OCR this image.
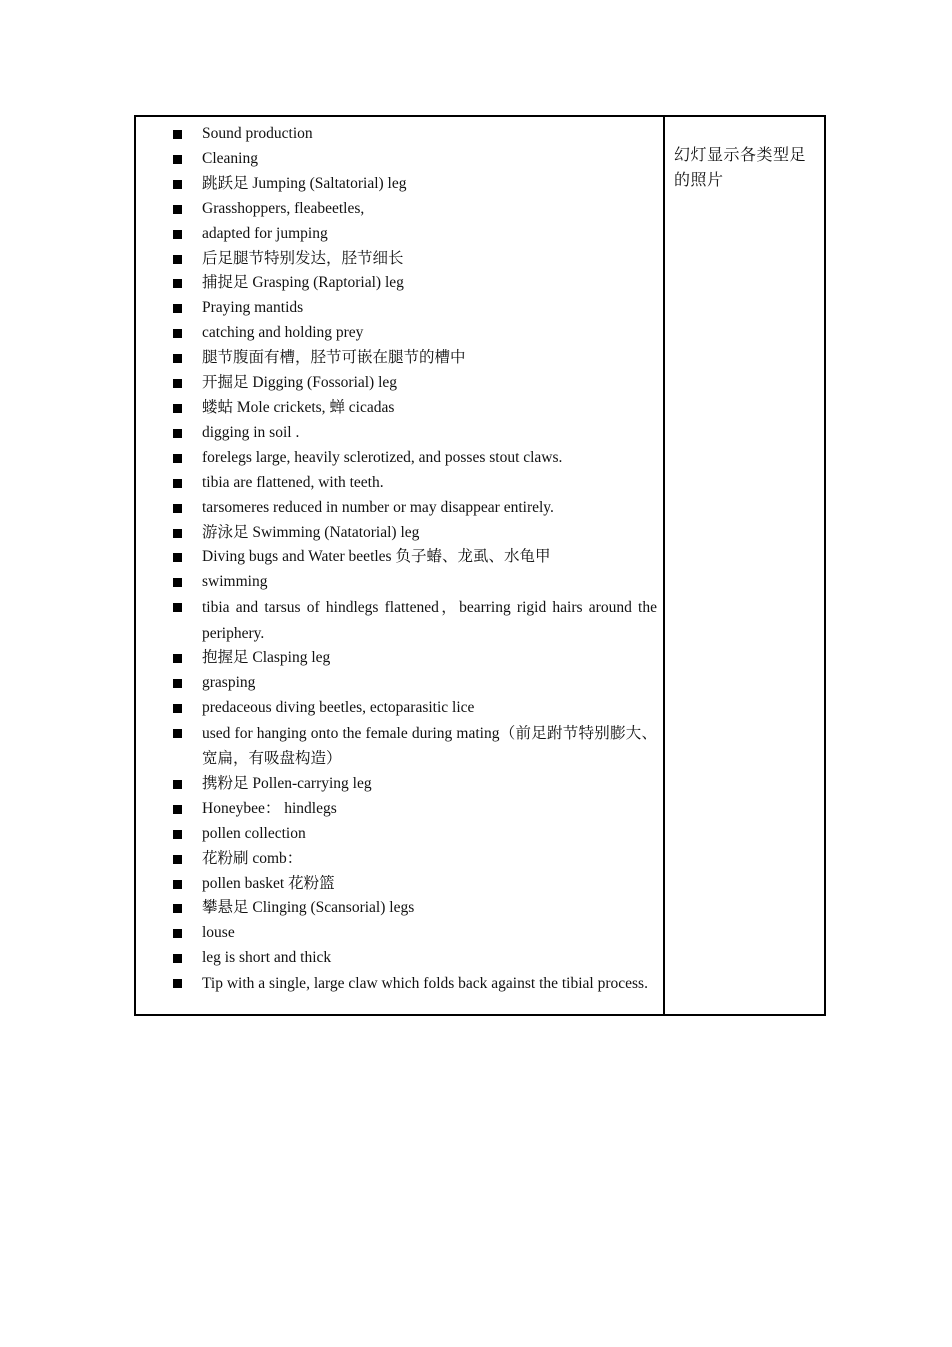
Sound production
Cleaning
跳跃足 Jumping (Saltatorial) leg
Grasshoppers, fleabeetles,
adapted for jumping
后足腿节特别发达，胫节细长
捕捉足 Grasping (Raptorial) leg
Praying mantids
catching and holding prey
腿节腹面有槽，胫节可嵌在腿节的槽中
开掘足 Digging (Fossorial) leg
蝼蛄 Mole crickets, 蝉 cicadas
digging in soil .
forelegs large, heavily sclerotized, and posses stout claws.
tibia are flattened, with teeth.
tarsomeres reduced in number or may disappear entirely.
游泳足 Swimming (Natatorial) leg
Diving bugs and Water beetles 负子蝽、龙虱、水龟甲
swimming
tibia and tarsus of hindlegs flattened，bearring rigid hairs around the periphery.
抱握足 Clasping leg
grasping
predaceous diving beetles, ectoparasitic lice
used for hanging onto the female during mating（前足跗节特别膨大、宽扁，有吸盘构造）
携粉足 Pollen-carrying leg
Honeybee： hindlegs
pollen collection
花粉刷 comb：
pollen basket 花粉篮
攀悬足 Clinging (Scansorial) legs
louse
leg is short and thick
Tip with a single, large claw which folds back against the tibial process.

幻灯显示各类型足的照片
